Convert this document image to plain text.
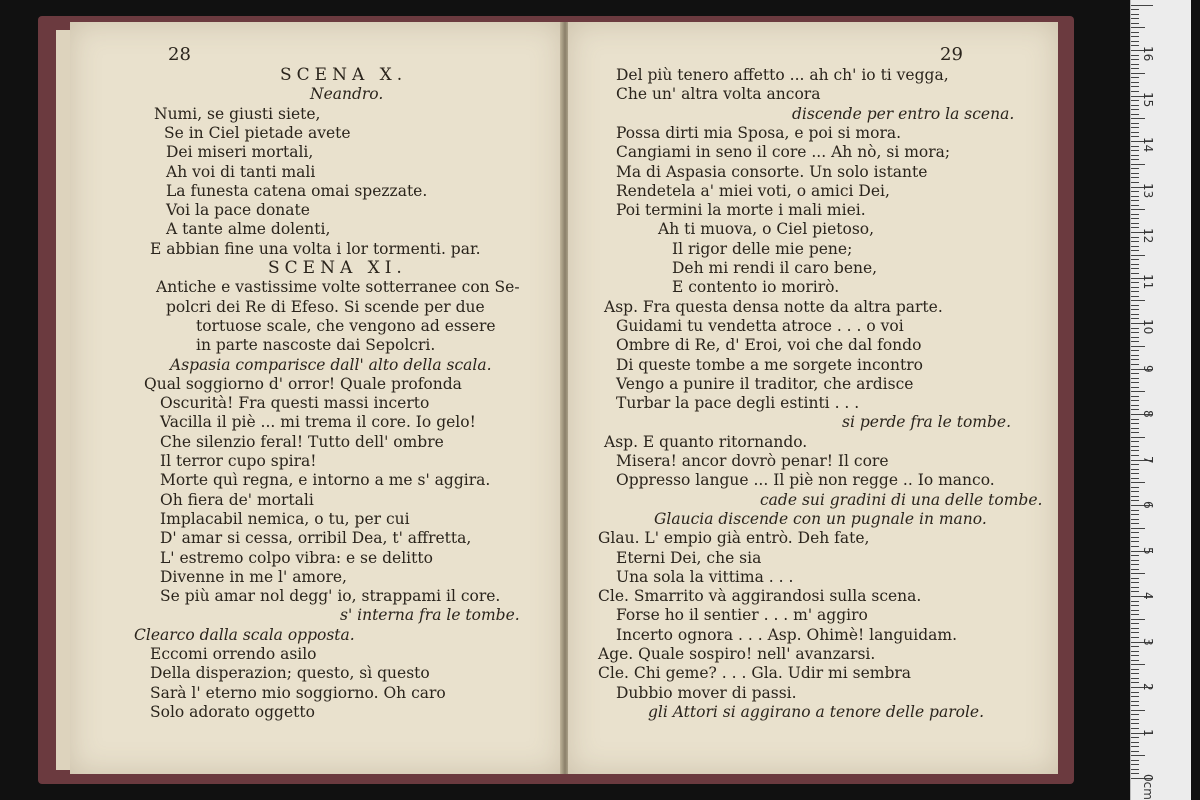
28
SCENA X.
Neandro.
Numi, se giusti siete,
Se in Ciel pietade avete
Dei miseri mortali,
Ah voi di tanti mali
La funesta catena omai spezzate.
Voi la pace donate
A tante alme dolenti,
E abbian fine una volta i lor tormenti. par.
SCENA XI.
Antiche e vastissime volte sotterranee con Se-
polcri dei Re di Efeso. Si scende per due
tortuose scale, che vengono ad essere
in parte nascoste dai Sepolcri.
Aspasia comparisce dall' alto della scala.
Qual soggiorno d' orror! Quale profonda
Oscurità! Fra questi massi incerto
Vacilla il piè ... mi trema il core. Io gelo!
Che silenzio feral! Tutto dell' ombre
Il terror cupo spira!
Morte quì regna, e intorno a me s' aggira.
Oh fiera de' mortali
Implacabil nemica, o tu, per cui
D' amar si cessa, orribil Dea, t' affretta,
L' estremo colpo vibra: e se delitto
Divenne in me l' amore,
Se più amar nol degg' io, strappami il core.
s' interna fra le tombe.
Clearco dalla scala opposta.
Eccomi orrendo asilo
Della disperazion; questo, sì questo
Sarà l' eterno mio soggiorno. Oh caro
Solo adorato oggetto
29
Del più tenero affetto ... ah ch' io ti vegga,
Che un' altra volta ancora
discende per entro la scena.
Possa dirti mia Sposa, e poi si mora.
Cangiami in seno il core ... Ah nò, si mora;
Ma di Aspasia consorte. Un solo istante
Rendetela a' miei voti, o amici Dei,
Poi termini la morte i mali miei.
Ah ti muova, o Ciel pietoso,
Il rigor delle mie pene;
Deh mi rendi il caro bene,
E contento io morirò.
Asp. Fra questa densa notte da altra parte.
Guidami tu vendetta atroce . . . o voi
Ombre di Re, d' Eroi, voi che dal fondo
Di queste tombe a me sorgete incontro
Vengo a punire il traditor, che ardisce
Turbar la pace degli estinti . . .
si perde fra le tombe.
Asp. E quanto ritornando.
Misera! ancor dovrò penar! Il core
Oppresso langue ... Il piè non regge .. Io manco.
cade sui gradini di una delle tombe.
Glaucia discende con un pugnale in mano.
Glau. L' empio già entrò. Deh fate,
Eterni Dei, che sia
Una sola la vittima . . .
Cle. Smarrito và aggirandosi sulla scena.
Forse ho il sentier . . . m' aggiro
Incerto ognora . . . Asp. Ohimè! languidam.
Age. Quale sospiro! nell' avanzarsi.
Cle. Chi geme? . . . Gla. Udir mi sembra
Dubbio mover di passi.
gli Attori si aggirano a tenore delle parole.
0cm
1
2
3
4
5
6
7
8
9
10
11
12
13
14
15
16
